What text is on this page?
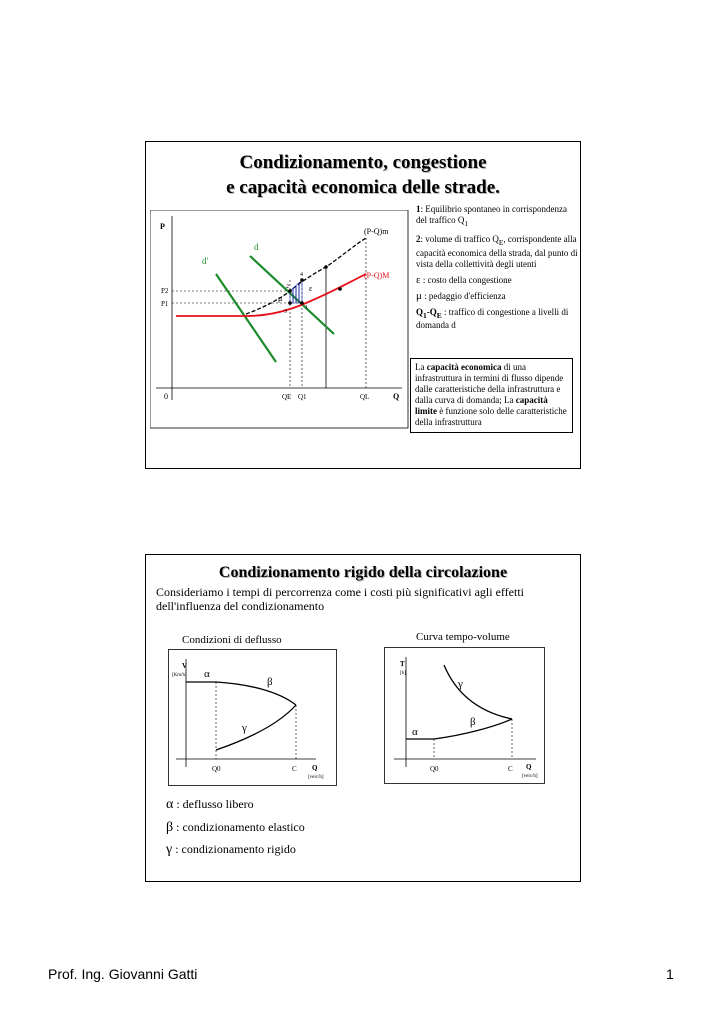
Condizionamento, congestione
e capacità economica delle strade.
P
Q
0
P2
P1
QE Q1	QL
(P-Q)m
(P-Q)M
d
d'
ε
μ
1
2
3
4

1: Equilibrio spontaneo in corrispondenza del traffico $Q_1$

2: volume di traffico $Q_E$, corrispondente alla capacità economica della strada, dal punto di vista della collettività degli utenti

ε : costo della congestione

μ : pedaggio d'efficienza

$Q_1-Q_E$ : traffico di congestione a livelli di domanda d

La capacità economica di una infrastruttura in termini di flusso dipende dalle caratteristiche della infrastruttura e dalla curva di domanda; La capacità limite è funzione solo delle caratteristiche della infrastruttura
Condizionamento rigido della circolazione
Consideriamo i tempi di percorrenza come i costi più significativi agli effetti dell'influenza del condizionamento
Condizioni di deflusso	Curva tempo-volume
V
[Km/h]
Q
[veic/h]
Q0	C
α
β
γ
T
[h]
Q
[veic/h]
Q0	C
α
β
γ
α : deflusso libero
β : condizionamento elastico
γ : condizionamento rigido
Prof. Ing. Giovanni Gatti	1
